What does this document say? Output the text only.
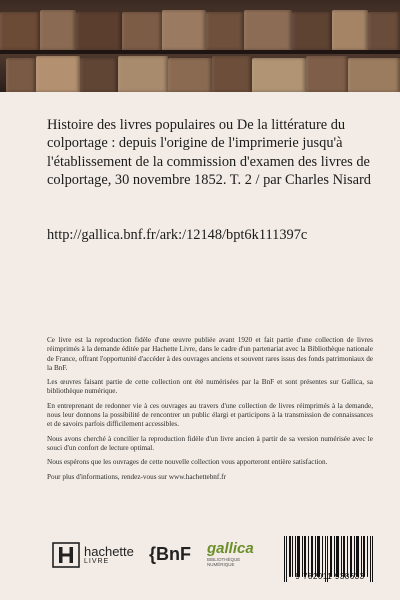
Histoire des livres populaires ou De la littérature du colportage : depuis l'origine de l'imprimerie jusqu'à l'établissement de la commission d'examen des livres de colportage, 30 novembre 1852. T. 2 / par Charles Nisard
http://gallica.bnf.fr/ark:/12148/bpt6k111397c

Ce livre est la reproduction fidèle d'une œuvre publiée avant 1920 et fait partie d'une collection de livres réimprimés à la demande éditée par Hachette Livre, dans le cadre d'un partenariat avec la Bibliothèque nationale de France, offrant l'opportunité d'accéder à des ouvrages anciens et souvent rares issus des fonds patrimoniaux de la BnF.

Les œuvres faisant partie de cette collection ont été numérisées par la BnF et sont présentes sur Gallica, sa bibliothèque numérique.

En entreprenant de redonner vie à ces ouvrages au travers d'une collection de livres réimprimés à la demande, nous leur donnons la possibilité de rencontrer un public élargi et participons à la transmission de connaissances et de savoirs parfois difficilement accessibles.

Nous avons cherché à concilier la reproduction fidèle d'un livre ancien à partir de sa version numérisée avec le souci d'un confort de lecture optimal.

Nous espérons que les ouvrages de cette nouvelle collection vous apporteront entière satisfaction.

Pour plus d'informations, rendez-vous sur www.hachettebnf.fr

hachette
LIVRE	{BnF gallica
BIBLIOTHÈQUE
NUMÉRIQUE
9 782011 938633
